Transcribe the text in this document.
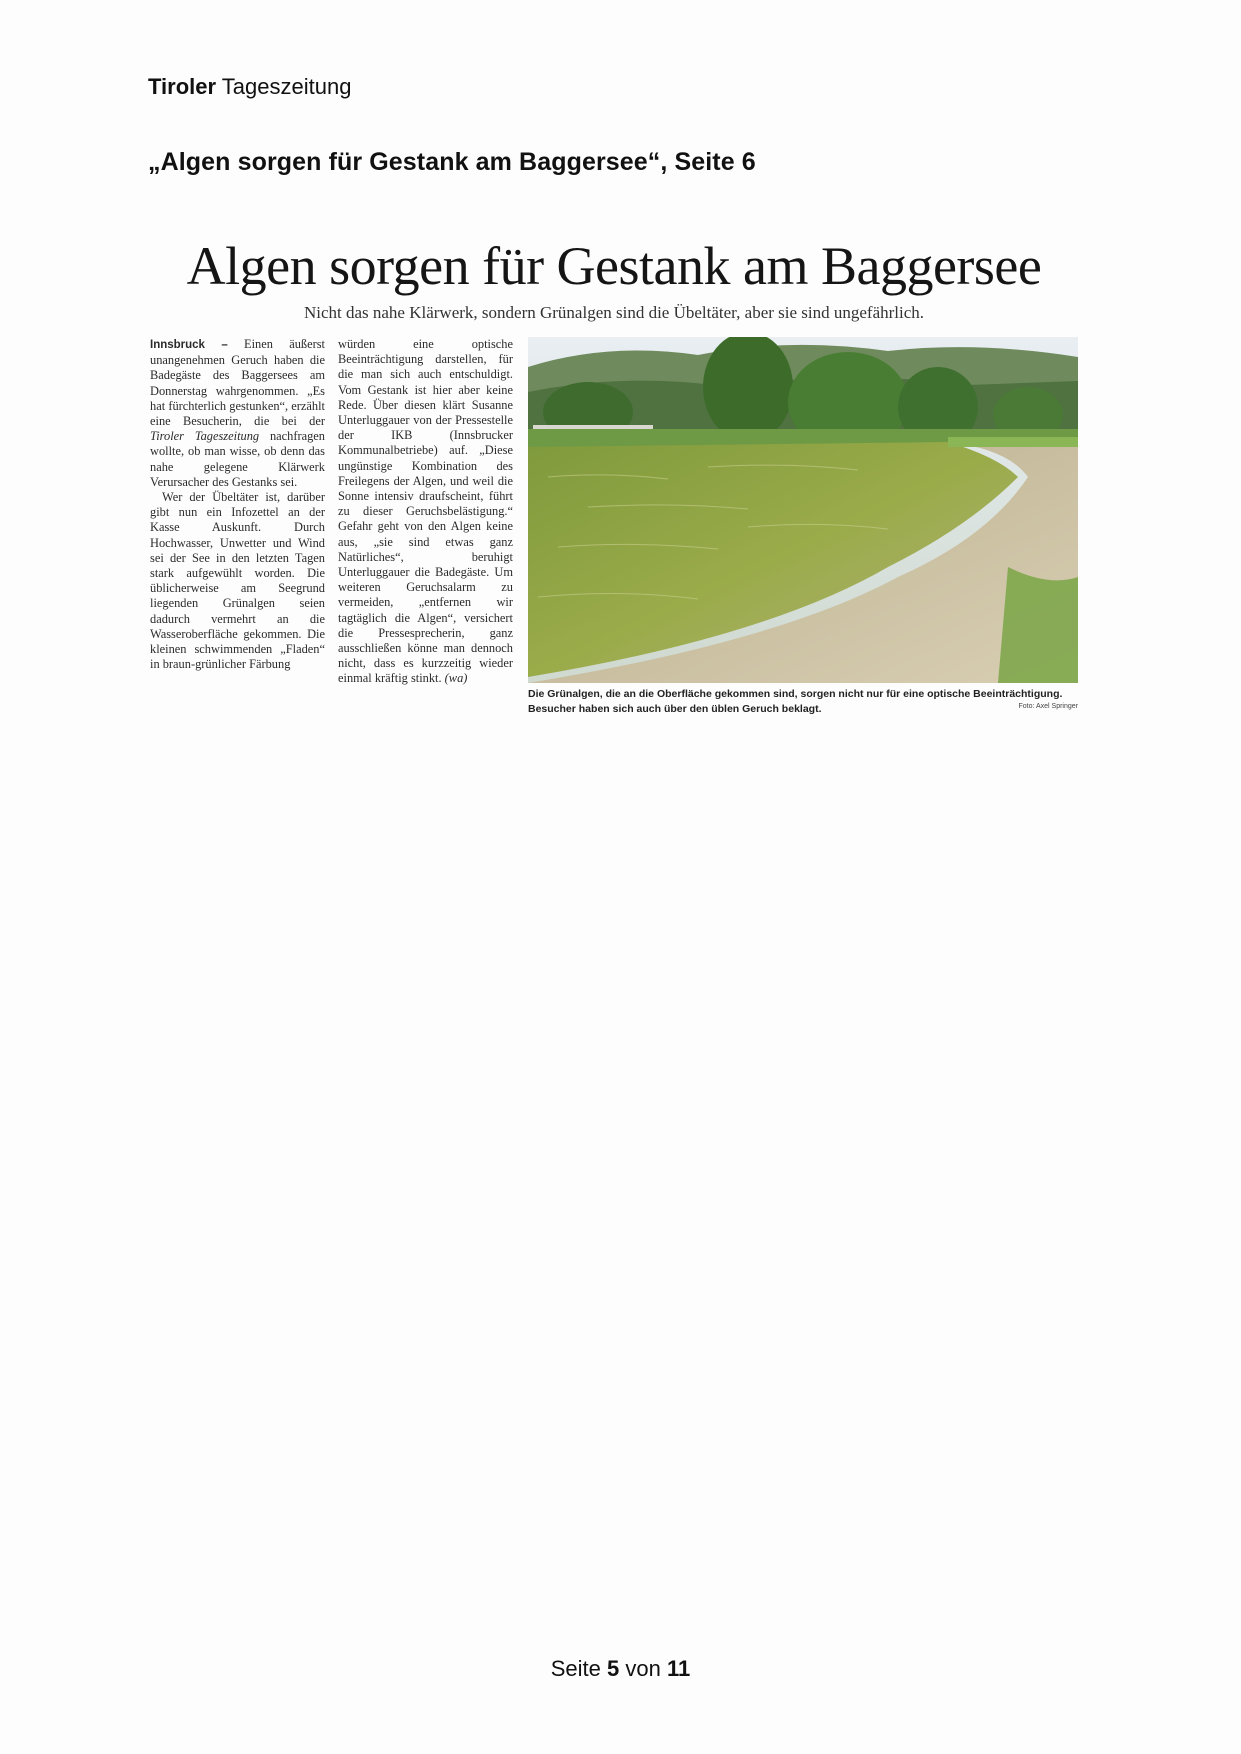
Tiroler Tageszeitung
„Algen sorgen für Gestank am Baggersee“, Seite 6
Algen sorgen für Gestank am Baggersee
Nicht das nahe Klärwerk, sondern Grünalgen sind die Übeltäter, aber sie sind ungefährlich.

Innsbruck – Einen äußerst unangenehmen Geruch haben die Badegäste des Baggersees am Donnerstag wahrgenommen. „Es hat fürchterlich gestunken“, erzählt eine Besucherin, die bei der Tiroler Tageszeitung nachfragen wollte, ob man wisse, ob denn das nahe gelegene Klärwerk Verursacher des Gestanks sei.

Wer der Übeltäter ist, darüber gibt nun ein Infozettel an der Kasse Auskunft. Durch Hochwasser, Unwetter und Wind sei der See in den letzten Tagen stark aufgewühlt worden. Die üblicherweise am Seegrund liegenden Grünalgen seien dadurch vermehrt an die Wasseroberfläche gekommen. Die kleinen schwimmenden „Fladen“ in braun-grünlicher Färbung

würden eine optische Beeinträchtigung darstellen, für die man sich auch entschuldigt. Vom Gestank ist hier aber keine Rede. Über diesen klärt Susanne Unterluggauer von der Pressestelle der IKB (Innsbrucker Kommunalbetriebe) auf. „Diese ungünstige Kombination des Freilegens der Algen, und weil die Sonne intensiv draufscheint, führt zu dieser Geruchsbelästigung.“ Gefahr geht von den Algen keine aus, „sie sind etwas ganz Natürliches“, beruhigt Unterluggauer die Badegäste. Um weiteren Geruchsalarm zu vermeiden, „entfernen wir tagtäglich die Algen“, versichert die Pressesprecherin, ganz ausschließen könne man dennoch nicht, dass es kurzzeitig wieder einmal kräftig stinkt. (wa)

Die Grünalgen, die an die Oberfläche gekommen sind, sorgen nicht nur für eine optische Beeinträchtigung. Besucher haben sich auch über den üblen Geruch beklagt.	Foto: Axel Springer
Seite 5 von 11
